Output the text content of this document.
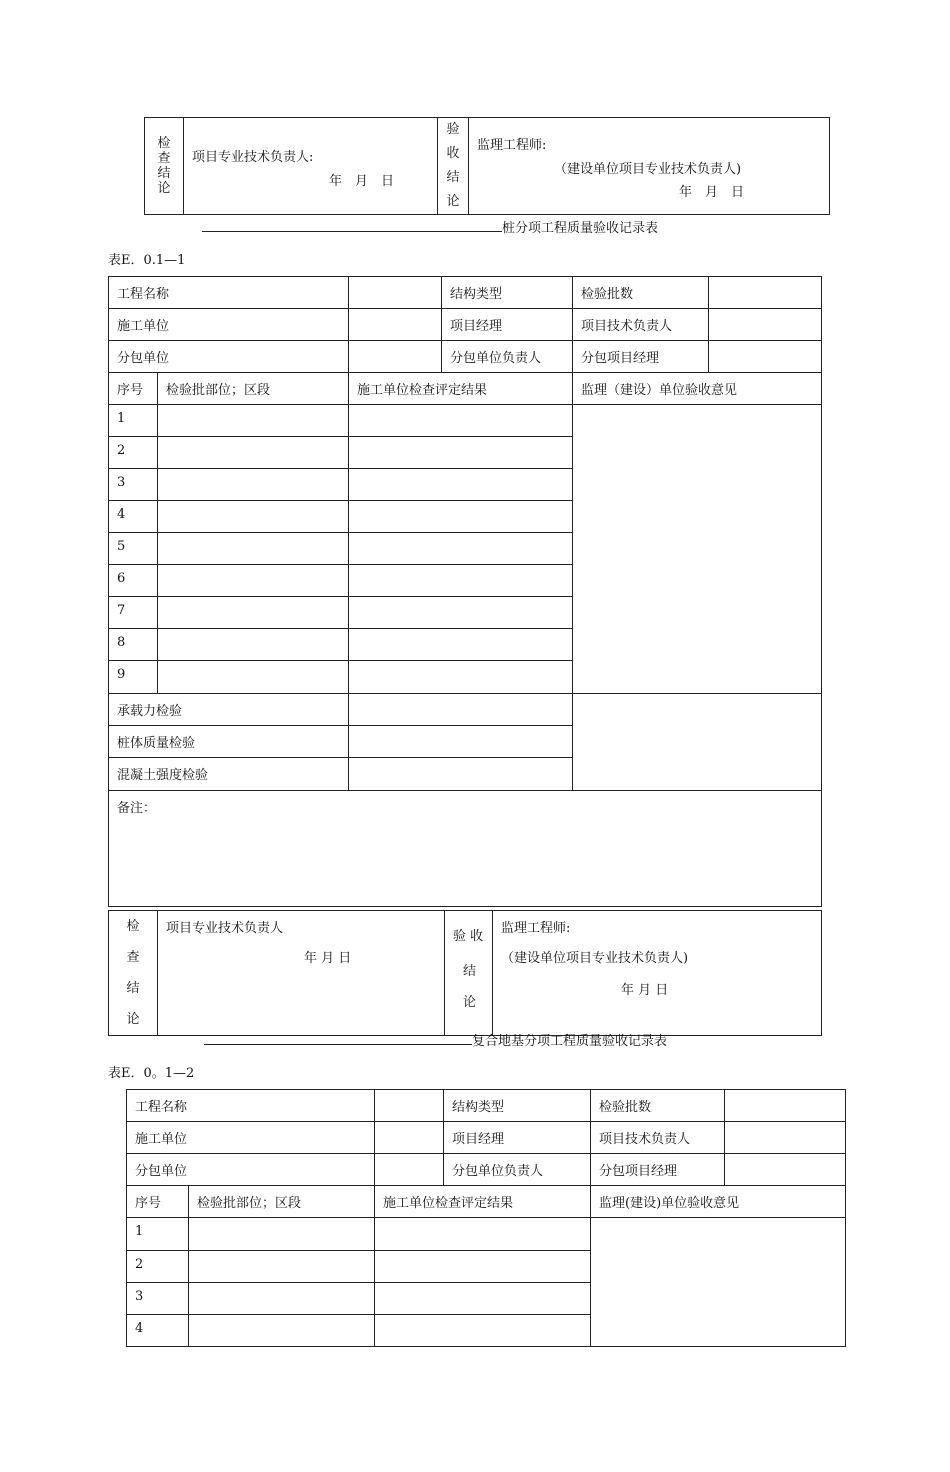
检
查
结
论

项目专业技术负责人:
年　月　日

验
收
结
论

监理工程师:
（建设单位项目专业技术负责人)
年　月　日
桩分项工程质量验收记录表
表E．0.1—1
工程名称			结构类型	检验批数	
施工单位			项目经理	项目技术负责人	
分包单位			分包单位负责人	分包项目经理	
序号	检验批部位；区段	施工单位检查评定结果		监理（建设）单位验收意见	
1					
2					
3					
4					
5					
6					
7					
8					
9					
承载力检验					
桩体质量检验					
混凝土强度检验					
备注：					
检
查
结
论

项目专业技术负责人
年 月 日

验 收
结
论

监理工程师:
（建设单位项目专业技术负责人)
年 月 日
复合地基分项工程质量验收记录表
表E．0。1—2
工程名称			结构类型	检验批数	
施工单位			项目经理	项目技术负责人	
分包单位			分包单位负责人	分包项目经理	
序号	检验批部位；区段	施工单位检查评定结果		监理(建设)单位验收意见	
1					
2					
3					
4					
